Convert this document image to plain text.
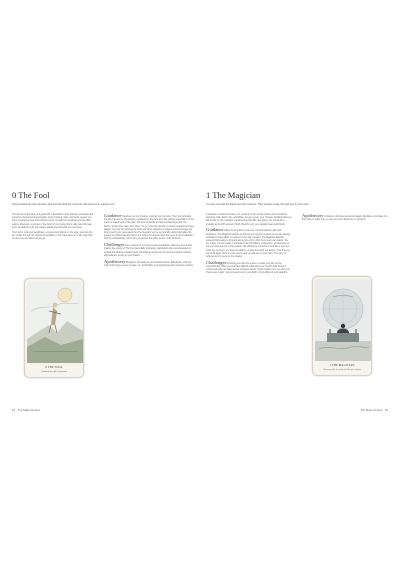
0 The Fool
Step forward into the unknown with full trust that the Universe will show up to support you.

The stench on the edge of a great cliff, suspended in time between yesterday and tomorrow. Senses far beyond sight, touch, hearing, taste, and smell, assure you there is nothing to fear and nothing to lose. Though the terrain beyond the cliff's edge is obscured, you know in the depth of your being that it calls; take this leap, trust, and fall into it all, into what is waiting beyond what you can know.

The Fool is unbound, weightless, unconcerned. Dance on the edge, step into the air, tumble through the clouds of possibility. In this state there is no fall, only flight. Let the story be written as you go.

0 THE FOOL
Celebrate the gift of presence

Guidance Carefree, but not frivolous, trusting, but not naive, The Fool embodies the gift of presence. By relaxing completely in the here and now, without expectation of the future or attachment to the past, The Fool responds to trials and blessings with The Divine. Smell, hear, taste, feel. Open, let go, know the ground; a unique perspective brings delight. You may be surprised by what and whom appears to support and encourage you when you lift your gaze away from the blueprint you've so carefully carried and allow the present to unfold naturally before you. Enjoy the moment and stay open to all possibilities. Only by relinquishing control can you access the grace power of the Universe.

Challenges The contrasts of our lives require preparation, planning, and routine, making the energy of The Fool potentially frustrating, particularly when accompanied by cynical and strategy-minded cards. Remaining centered in the present requires practice and patience. Focus on your breath.

Apothecary Bergamot: Promotes joy and carefree ideas. Elderflower: Lifts the spirit and brings a sense of ease. Iris: Symbolizes new beginnings and promotes curiosity.

14 · The Major Arcana
1 The Magician
You are one with the Earth and the Cosmos. Their powers surge through you to your core.

A selection of tools lies before you: symbols of the sacred realms of the medieval elements of Air, Earth, Fire, and Water. As you survey your choices, deciding what you will render to your manifest, a shimmering light fills your being. You recognize it instantly as the fifth element, Spirit. Now life is in your capable heart and hands.

Guidance While we all grow our own set of circumstances, gifts and limitations, The Magician teaches us that we are truly the creators of our own destiny. Confident in their ability to conjure for the day's desires, The Magician likewise respects that quality is inherent and exists only in effort from one's own hands. You are magic. You are made of stardust of the first billions of elements, and because of this you have access to their powers. By shifting the contents of your life to how you value the common, you have the ability to create the world you desire. Trust that you can build again. Return to the source and you will rise to your plans. The glory of achievement is yours for the making.

Challenges Knowing you have the power to create your life can be overwhelming. Often we must face difficult truths about our comfort with things in control and ways we have denied ourselves power. Know creation is in you and your choices are magic. Your strongest tool is your faith in the building of your ideal life.

Apothecary Cinnamon: Activates personal magick. Sprinkle on porridge, but this sticky to make sure, to use as a room freshener, is potpourri.

1 THE MAGICIAN
Use your gifts to create the life you choose
The Major Arcana · 15
